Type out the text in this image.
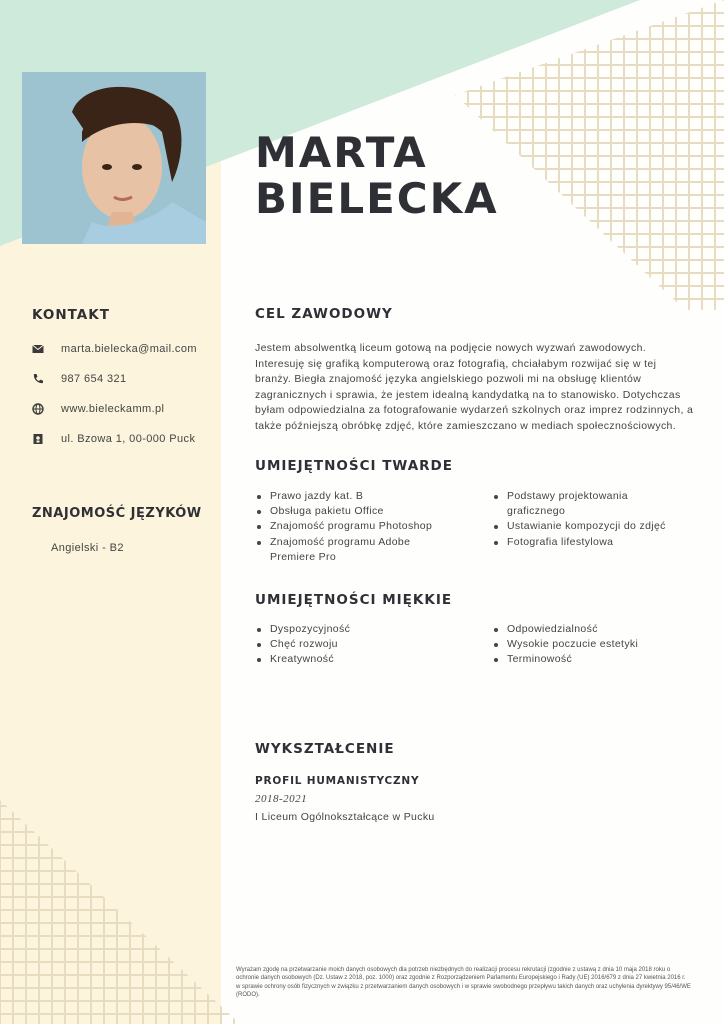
MARTA
BIELECKA
KONTAKT
marta.bielecka@mail.com
987 654 321
www.bieleckamm.pl
ul. Bzowa 1, 00-000 Puck
ZNAJOMOŚĆ JĘZYKÓW
Angielski - B2
CEL ZAWODOWY

Jestem absolwentką liceum gotową na podjęcie nowych wyzwań zawodowych. Interesuję się grafiką komputerową oraz fotografią, chciałabym rozwijać się w tej branży. Biegła znajomość języka angielskiego pozwoli mi na obsługę klientów zagranicznych i sprawia, że jestem idealną kandydatką na to stanowisko. Dotychczas byłam odpowiedzialna za fotografowanie wydarzeń szkolnych oraz imprez rodzinnych, a także późniejszą obróbkę zdjęć, które zamieszczano w mediach społecznościowych.

UMIEJĘTNOŚCI TWARDE
Prawo jazdy kat. B
Obsługa pakietu Office
Znajomość programu Photoshop
Znajomość programu Adobe Premiere Pro
Podstawy projektowania graficznego
Ustawianie kompozycji do zdjęć
Fotografia lifestylowa
UMIEJĘTNOŚCI MIĘKKIE
Dyspozycyjność
Chęć rozwoju
Kreatywność
Odpowiedzialność
Wysokie poczucie estetyki
Terminowość
WYKSZTAŁCENIE
PROFIL HUMANISTYCZNY
2018-2021
I Liceum Ogólnokształcące w Pucku

Wyrażam zgodę na przetwarzanie moich danych osobowych dla potrzeb niezbędnych do realizacji procesu rekrutacji (zgodnie z ustawą z dnia 10 maja 2018 roku o ochronie danych osobowych (Dz. Ustaw z 2018, poz. 1000) oraz zgodnie z Rozporządzeniem Parlamentu Europejskiego i Rady (UE) 2016/679 z dnia 27 kwietnia 2016 r. w sprawie ochrony osób fizycznych w związku z przetwarzaniem danych osobowych i w sprawie swobodnego przepływu takich danych oraz uchylenia dyrektywy 95/46/WE (RODO).
